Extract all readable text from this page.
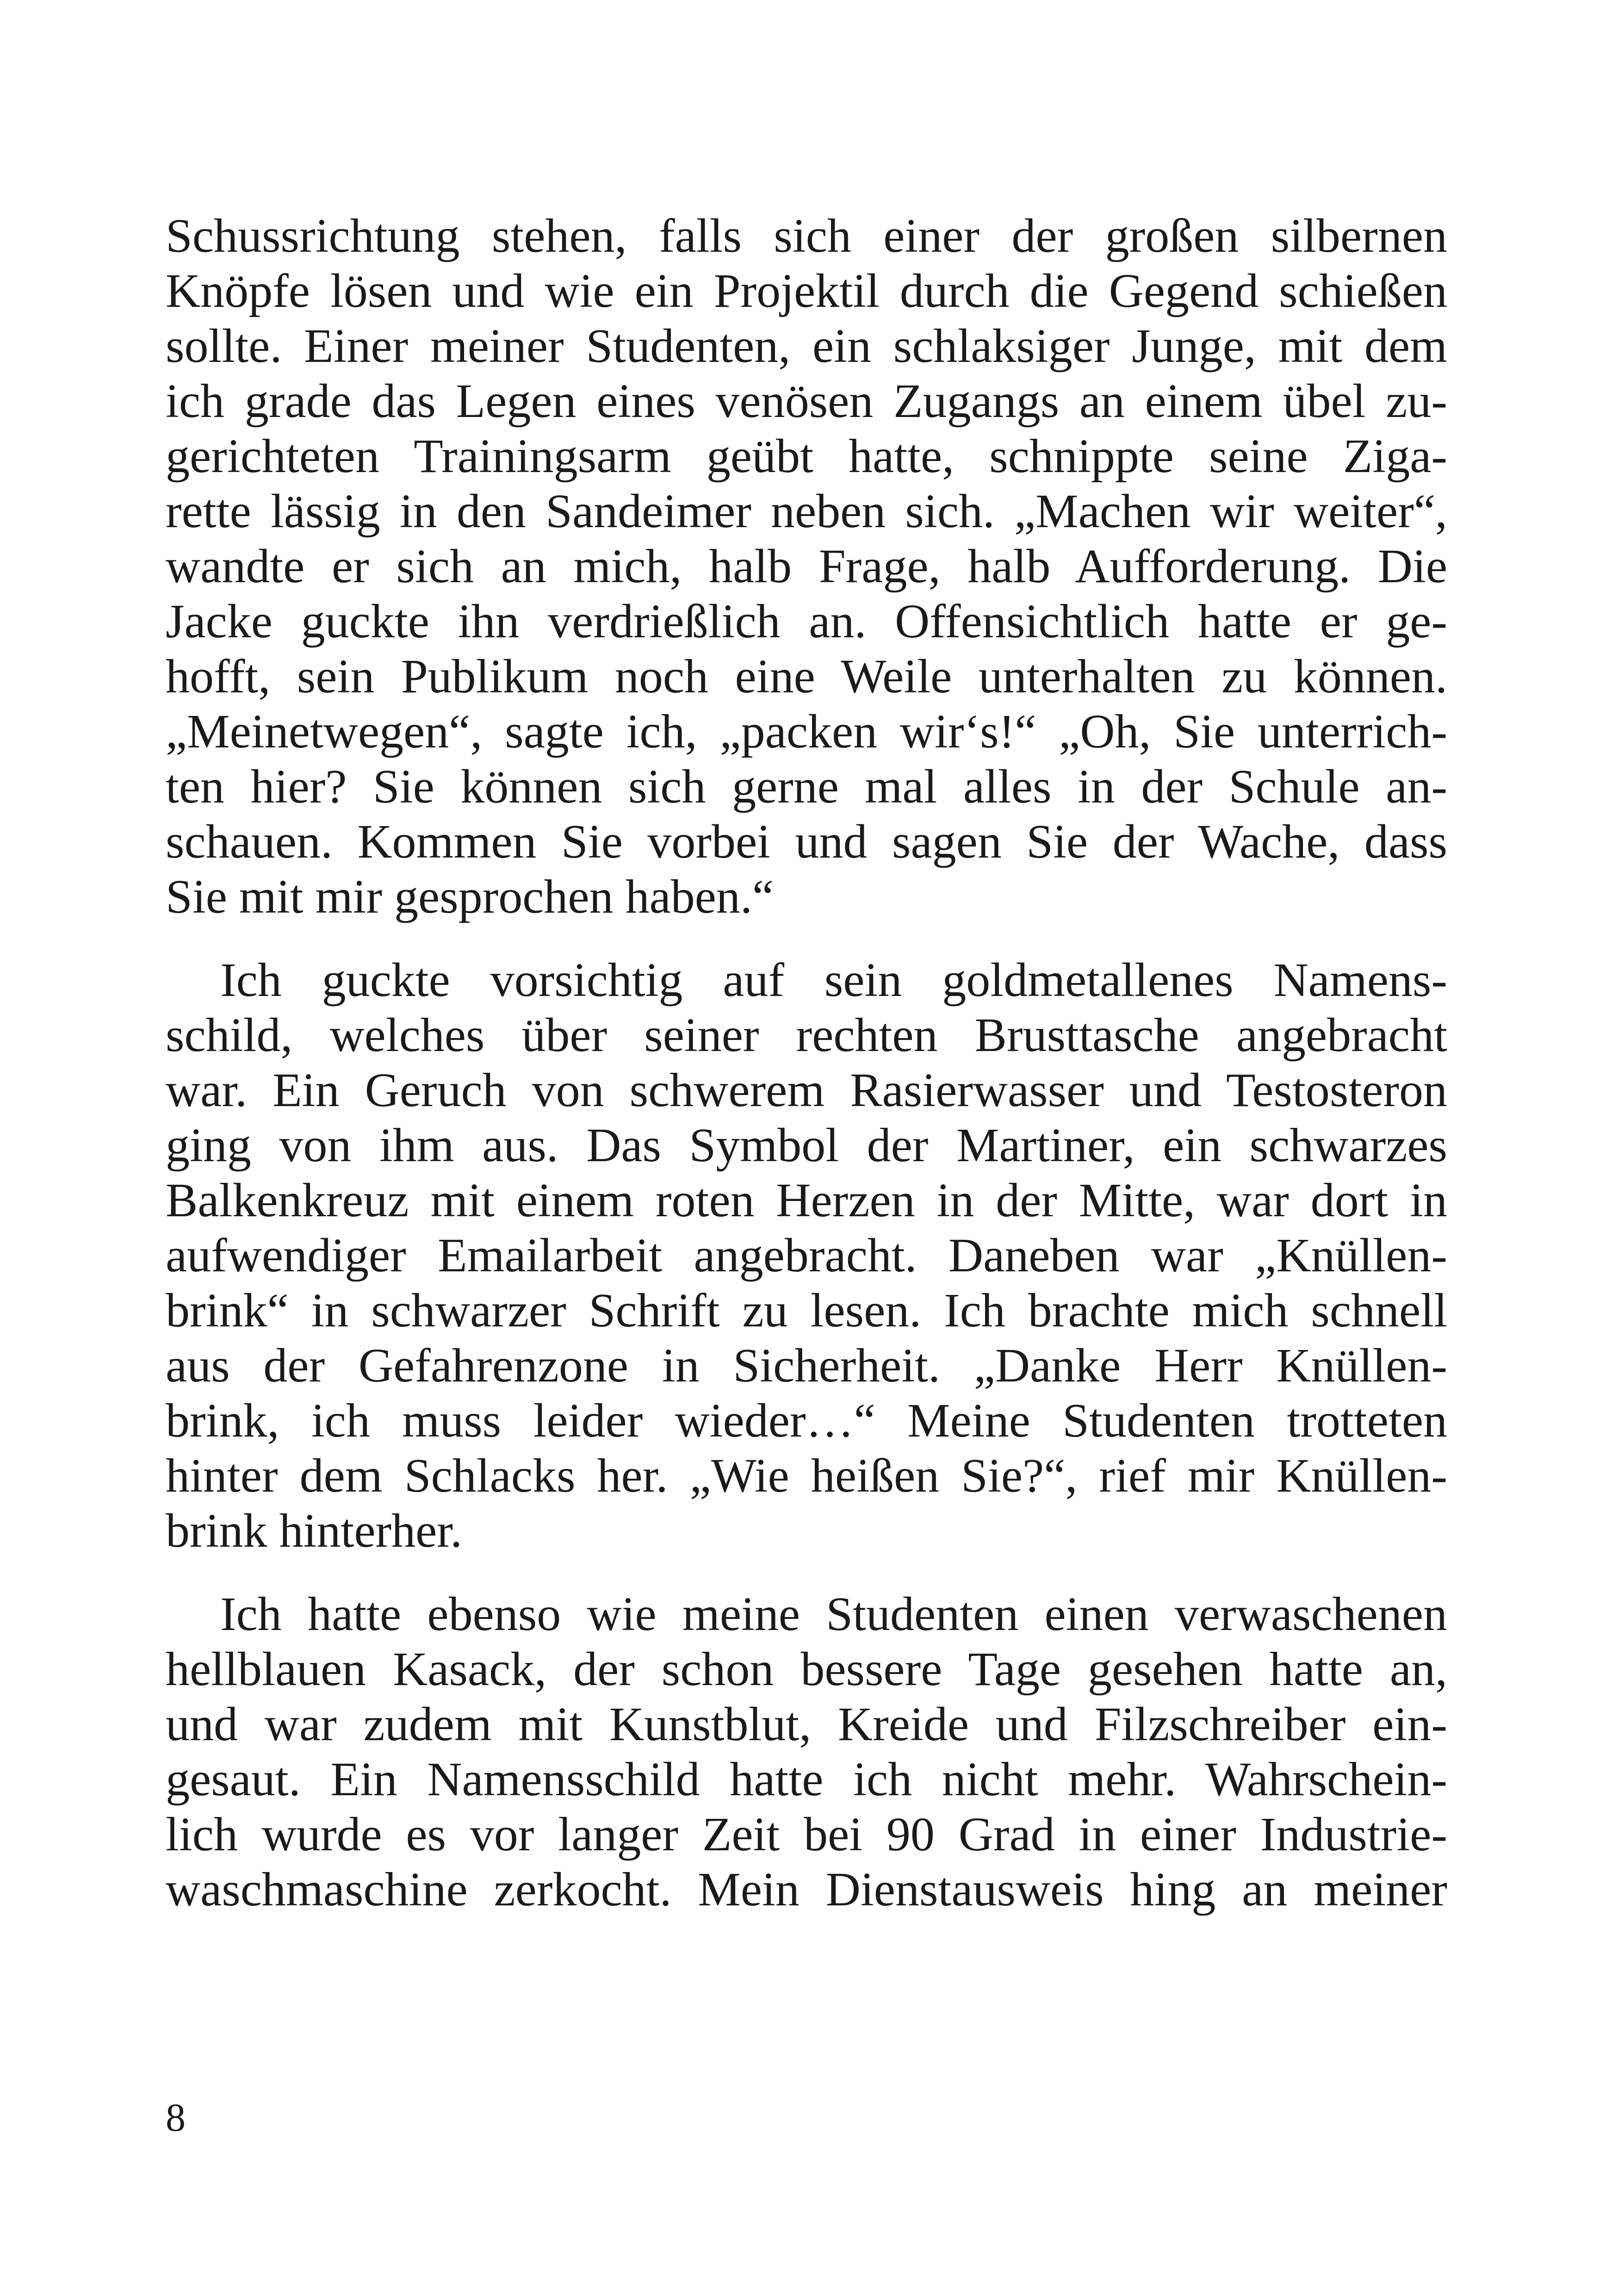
Schussrichtung stehen, falls sich einer der großen silbernen
Knöpfe lösen und wie ein Projektil durch die Gegend schießen
sollte. Einer meiner Studenten, ein schlaksiger Junge, mit dem
ich grade das Legen eines venösen Zugangs an einem übel zu-
gerichteten Trainingsarm geübt hatte, schnippte seine Ziga-
rette lässig in den Sandeimer neben sich. „Machen wir weiter“,
wandte er sich an mich, halb Frage, halb Aufforderung. Die
Jacke guckte ihn verdrießlich an. Offensichtlich hatte er ge-
hofft, sein Publikum noch eine Weile unterhalten zu können.
„Meinetwegen“, sagte ich, „packen wir‘s!“ „Oh, Sie unterrich-
ten hier? Sie können sich gerne mal alles in der Schule an-
schauen. Kommen Sie vorbei und sagen Sie der Wache, dass
Sie mit mir gesprochen haben.“
Ich guckte vorsichtig auf sein goldmetallenes Namens-
schild, welches über seiner rechten Brusttasche angebracht
war. Ein Geruch von schwerem Rasierwasser und Testosteron
ging von ihm aus. Das Symbol der Martiner, ein schwarzes
Balkenkreuz mit einem roten Herzen in der Mitte, war dort in
aufwendiger Emailarbeit angebracht. Daneben war „Knüllen-
brink“ in schwarzer Schrift zu lesen. Ich brachte mich schnell
aus der Gefahrenzone in Sicherheit. „Danke Herr Knüllen-
brink, ich muss leider wieder…“ Meine Studenten trotteten
hinter dem Schlacks her. „Wie heißen Sie?“, rief mir Knüllen-
brink hinterher.
Ich hatte ebenso wie meine Studenten einen verwaschenen
hellblauen Kasack, der schon bessere Tage gesehen hatte an,
und war zudem mit Kunstblut, Kreide und Filzschreiber ein-
gesaut. Ein Namensschild hatte ich nicht mehr. Wahrschein-
lich wurde es vor langer Zeit bei 90 Grad in einer Industrie-
waschmaschine zerkocht. Mein Dienstausweis hing an meiner
8
